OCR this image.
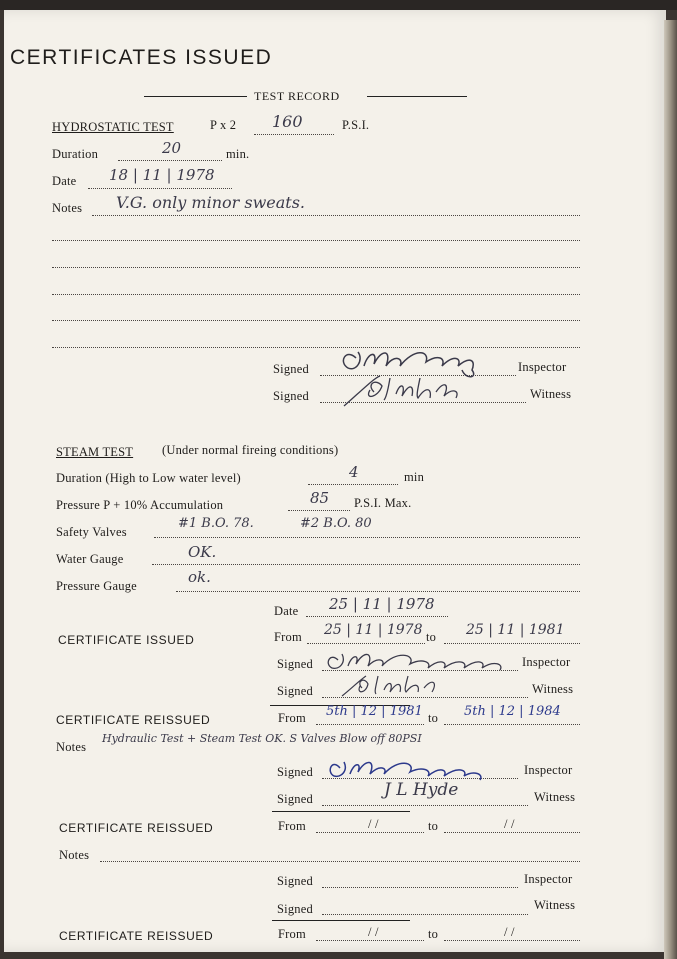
CERTIFICATES ISSUED
TEST RECORD
HYDROSTATIC TEST	P x 2 160	P.S.I.
Duration	20	min.
Date 18 | 11 | 1978
Notes V.G. only minor sweats.
Signed	Inspector
Signed	Witness
STEAM TEST (Under normal fireing conditions)
Duration (High to Low water level)	4	min
Pressure P + 10% Accumulation	85 P.S.I. Max.
Safety Valves
#1 B.O. 78.	#2 B.O. 80
Water Gauge	OK.
Pressure Gauge	ok.
Date 25 | 11 | 1978
CERTIFICATE ISSUED	From 25 | 11 | 1978 to 25 | 11 | 1981
Signed	Inspector
Signed	Witness
CERTIFICATE REISSUED	From 5th | 12 | 1981 to 5th | 12 | 1984
Notes
Hydraulic Test + Steam Test OK. S Valves Blow off 80PSI
Signed	Inspector
Signed	J L Hyde	Witness
CERTIFICATE REISSUED	From	/ /	to	/ /
Notes
Signed	Inspector
Signed	Witness
CERTIFICATE REISSUED	From	/ /	to	/ /
